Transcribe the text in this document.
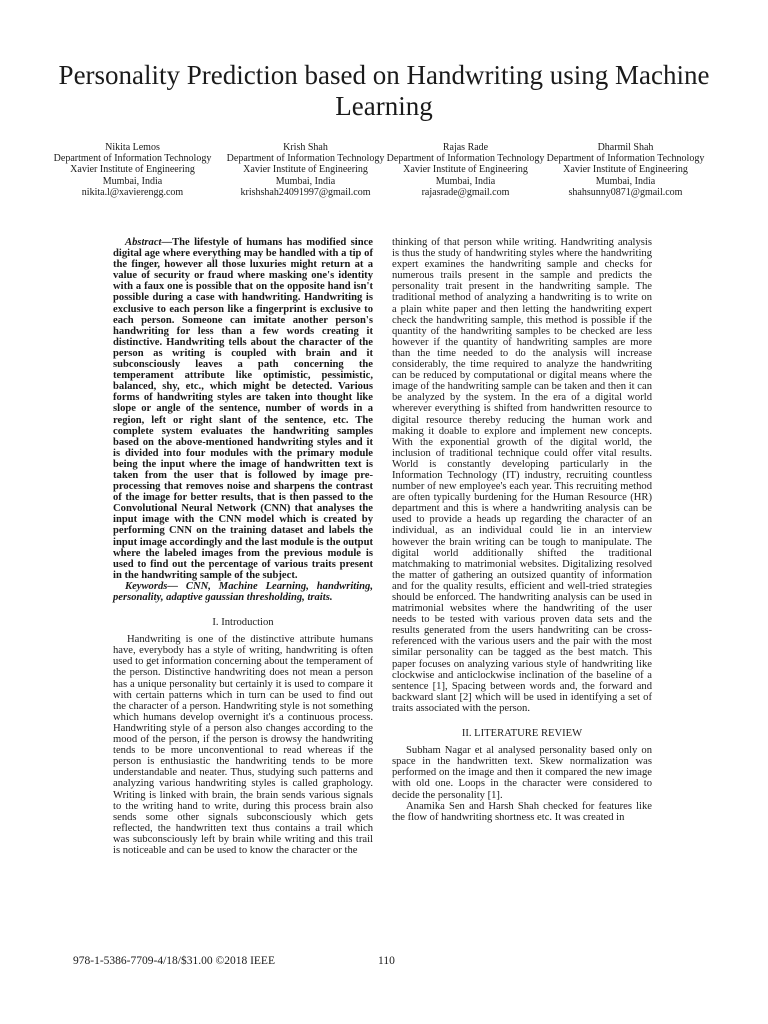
Personality Prediction based on Handwriting using Machine Learning
Nikita Lemos
Department of Information Technology
Xavier Institute of Engineering
Mumbai, India
nikita.l@xavierengg.com
Krish Shah
Department of Information Technology
Xavier Institute of Engineering
Mumbai, India
krishshah24091997@gmail.com
Rajas Rade
Department of Information Technology
Xavier Institute of Engineering
Mumbai, India
rajasrade@gmail.com
Dharmil Shah
Department of Information Technology
Xavier Institute of Engineering
Mumbai, India
shahsunny0871@gmail.com

Abstract—The lifestyle of humans has modified since digital age where everything may be handled with a tip of the finger, however all those luxuries might return at a value of security or fraud where masking one's identity with a faux one is possible that on the opposite hand isn't possible during a case with handwriting. Handwriting is exclusive to each person like a fingerprint is exclusive to each person. Someone can imitate another person's handwriting for less than a few words creating it distinctive. Handwriting tells about the character of the person as writing is coupled with brain and it subconsciously leaves a path concerning the temperament attribute like optimistic, pessimistic, balanced, shy, etc., which might be detected. Various forms of handwriting styles are taken into thought like slope or angle of the sentence, number of words in a region, left or right slant of the sentence, etc. The complete system evaluates the handwriting samples based on the above-mentioned handwriting styles and it is divided into four modules with the primary module being the input where the image of handwritten text is taken from the user that is followed by image pre-processing that removes noise and sharpens the contrast of the image for better results, that is then passed to the Convolutional Neural Network (CNN) that analyses the input image with the CNN model which is created by performing CNN on the training dataset and labels the input image accordingly and the last module is the output where the labeled images from the previous module is used to find out the percentage of various traits present in the handwriting sample of the subject.

Keywords— CNN, Machine Learning, handwriting, personality, adaptive gaussian thresholding, traits.

I. Introduction

Handwriting is one of the distinctive attribute humans have, everybody has a style of writing, handwriting is often used to get information concerning about the temperament of the person. Distinctive handwriting does not mean a person has a unique personality but certainly it is used to compare it with certain patterns which in turn can be used to find out the character of a person. Handwriting style is not something which humans develop overnight it's a continuous process. Handwriting style of a person also changes according to the mood of the person, if the person is drowsy the handwriting tends to be more unconventional to read whereas if the person is enthusiastic the handwriting tends to be more understandable and neater. Thus, studying such patterns and analyzing various handwriting styles is called graphology. Writing is linked with brain, the brain sends various signals to the writing hand to write, during this process brain also sends some other signals subconsciously which gets reflected, the handwritten text thus contains a trail which was subconsciously left by brain while writing and this trail is noticeable and can be used to know the character or the

thinking of that person while writing. Handwriting analysis is thus the study of handwriting styles where the handwriting expert examines the handwriting sample and checks for numerous trails present in the sample and predicts the personality trait present in the handwriting sample. The traditional method of analyzing a handwriting is to write on a plain white paper and then letting the handwriting expert check the handwriting sample, this method is possible if the quantity of the handwriting samples to be checked are less however if the quantity of handwriting samples are more than the time needed to do the analysis will increase considerably, the time required to analyze the handwriting can be reduced by computational or digital means where the image of the handwriting sample can be taken and then it can be analyzed by the system. In the era of a digital world wherever everything is shifted from handwritten resource to digital resource thereby reducing the human work and making it doable to explore and implement new concepts. With the exponential growth of the digital world, the inclusion of traditional technique could offer vital results. World is constantly developing particularly in the Information Technology (IT) industry, recruiting countless number of new employee's each year. This recruiting method are often typically burdening for the Human Resource (HR) department and this is where a handwriting analysis can be used to provide a heads up regarding the character of an individual, as an individual could lie in an interview however the brain writing can be tough to manipulate. The digital world additionally shifted the traditional matchmaking to matrimonial websites. Digitalizing resolved the matter of gathering an outsized quantity of information and for the quality results, efficient and well-tried strategies should be enforced. The handwriting analysis can be used in matrimonial websites where the handwriting of the user needs to be tested with various proven data sets and the results generated from the users handwriting can be cross-referenced with the various users and the pair with the most similar personality can be tagged as the best match. This paper focuses on analyzing various style of handwriting like clockwise and anticlockwise inclination of the baseline of a sentence [1], Spacing between words and, the forward and backward slant [2] which will be used in identifying a set of traits associated with the person.

II. LITERATURE REVIEW

Subham Nagar et al analysed personality based only on space in the handwritten text. Skew normalization was performed on the image and then it compared the new image with old one. Loops in the character were considered to decide the personality [1].

Anamika Sen and Harsh Shah checked for features like the flow of handwriting shortness etc. It was created in

978-1-5386-7709-4/18/$31.00 ©2018 IEEE	110
